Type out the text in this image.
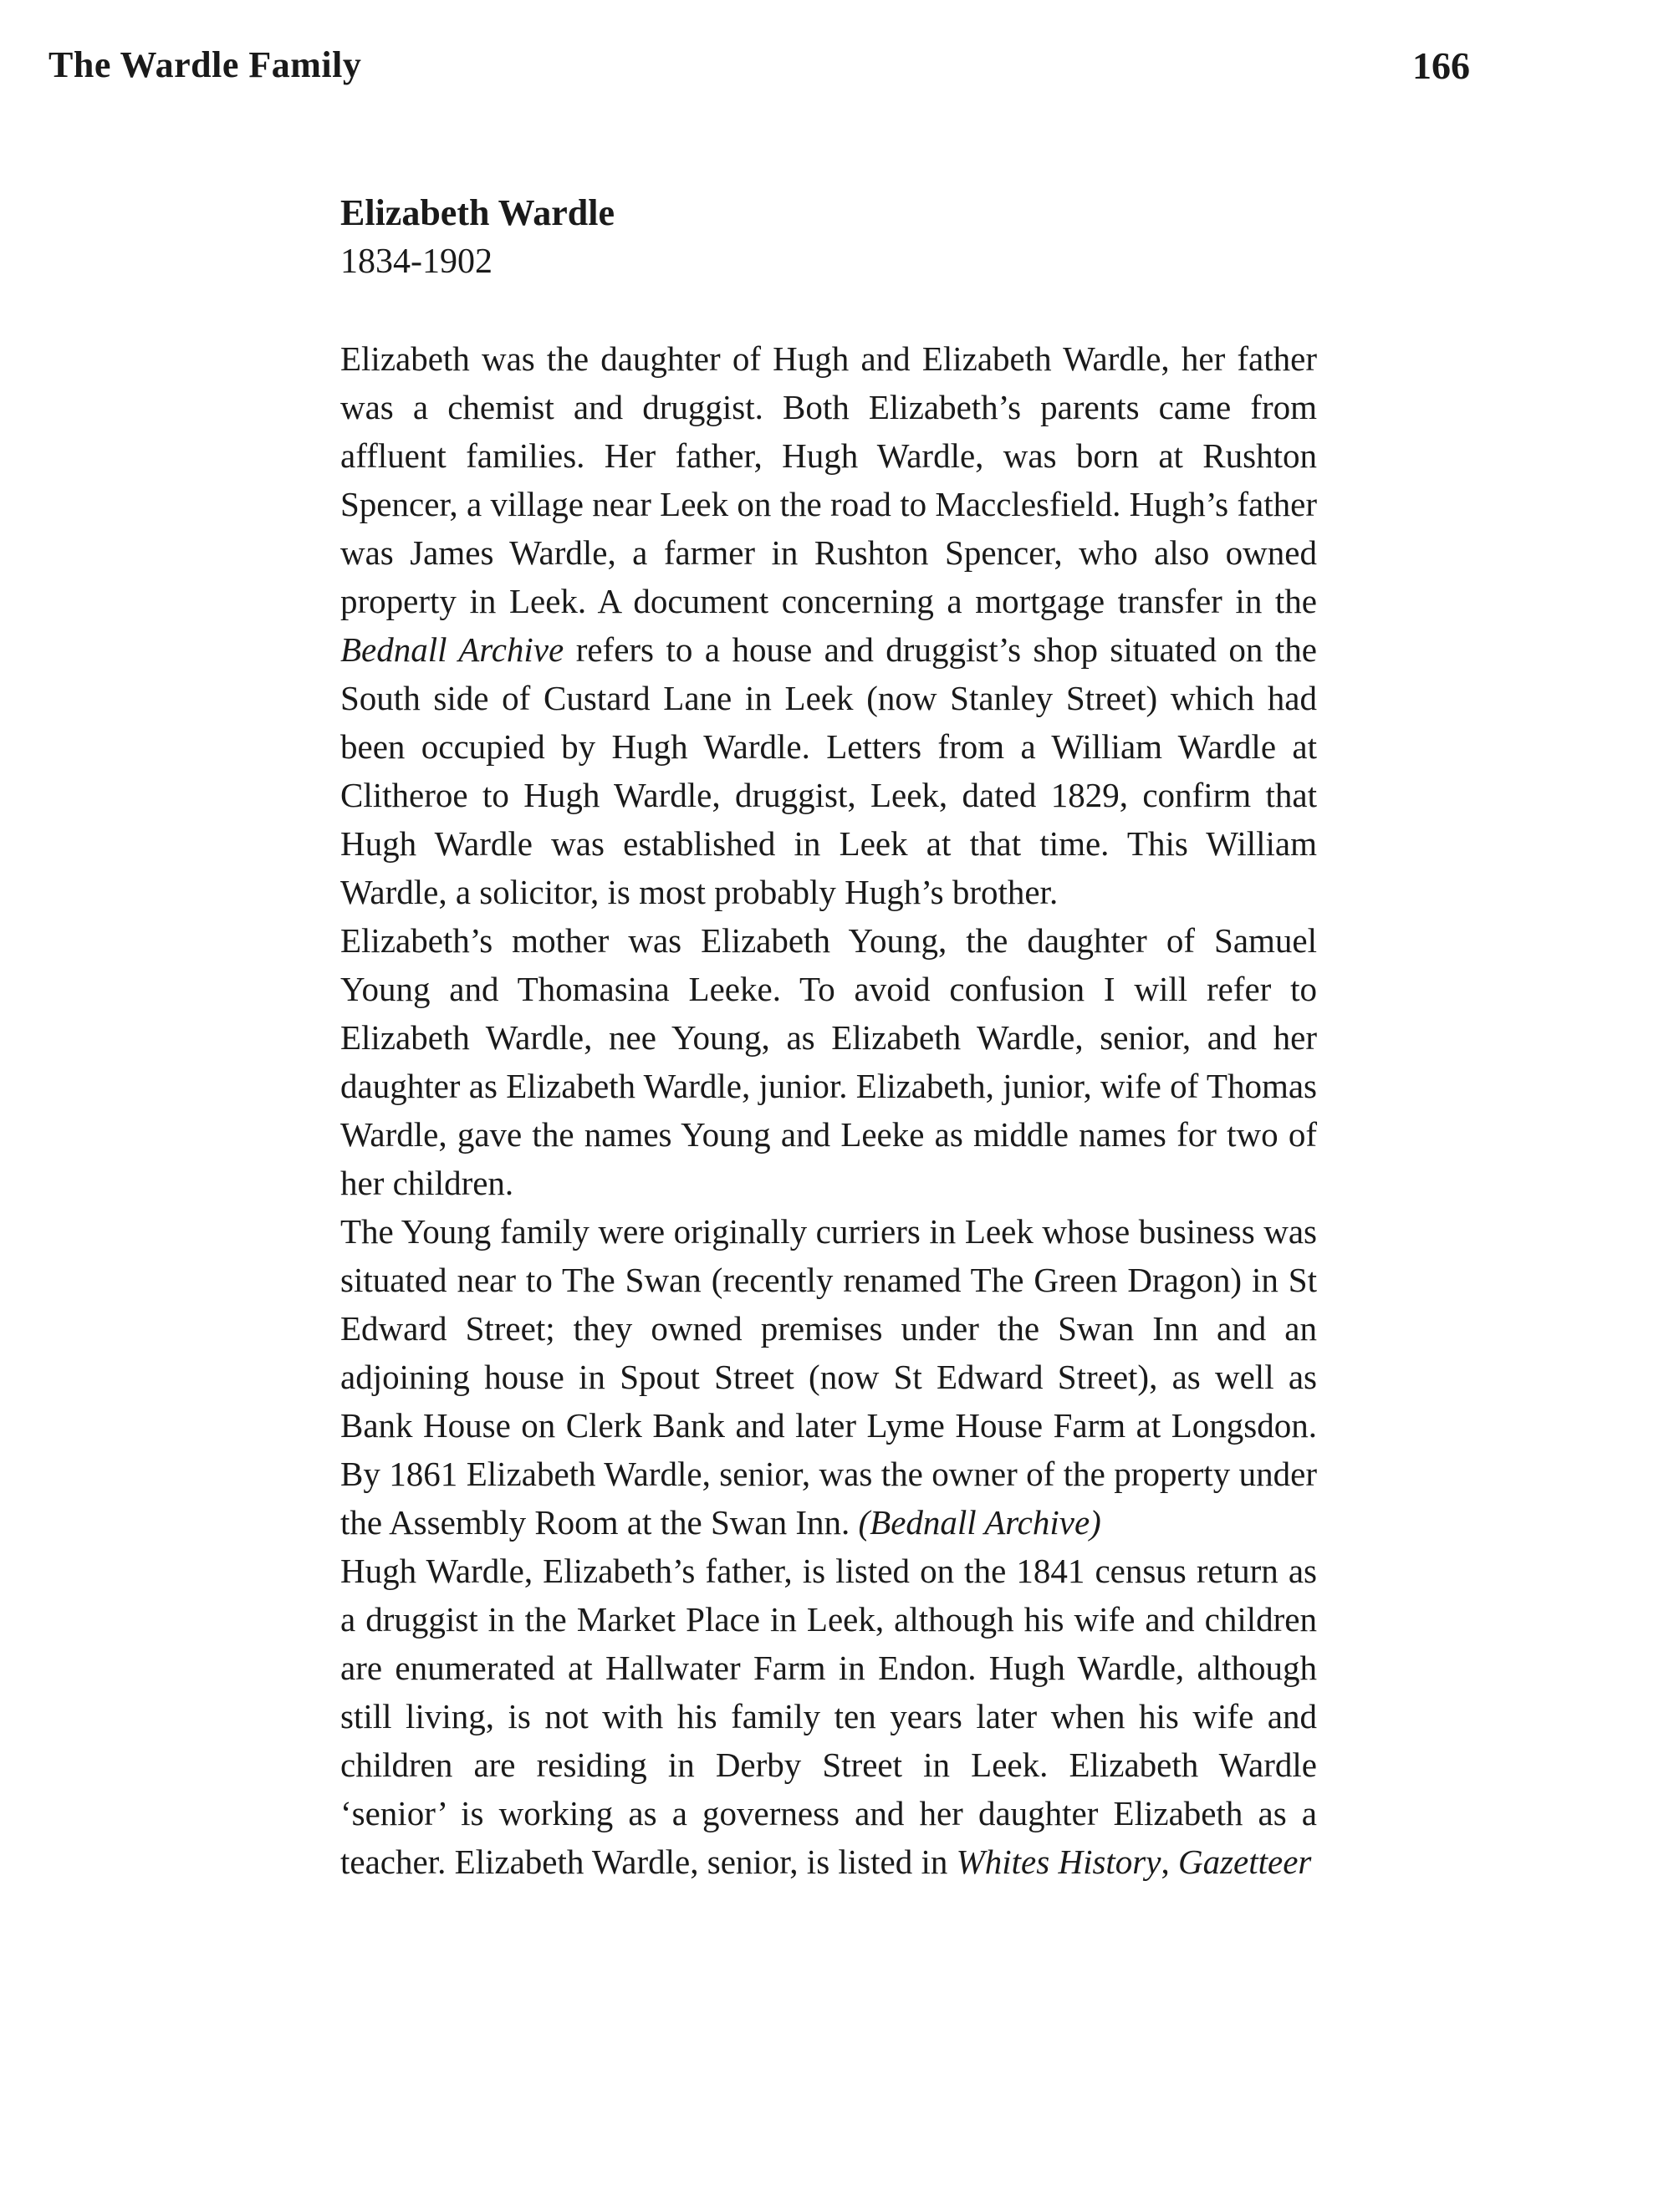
The Wardle Family	166
Elizabeth Wardle

1834-1902

Elizabeth was the daughter of Hugh and Elizabeth Wardle, her father was a chemist and druggist. Both Elizabeth’s parents came from affluent families. Her father, Hugh Wardle, was born at Rushton Spencer, a village near Leek on the road to Macclesfield. Hugh’s father was James Wardle, a farmer in Rushton Spencer, who also owned property in Leek. A document concerning a mortgage transfer in the Bednall Archive refers to a house and druggist’s shop situated on the South side of Custard Lane in Leek (now Stanley Street) which had been occupied by Hugh Wardle. Letters from a William Wardle at Clitheroe to Hugh Wardle, druggist, Leek, dated 1829, confirm that Hugh Wardle was established in Leek at that time. This William Wardle, a solicitor, is most probably Hugh’s brother.

Elizabeth’s mother was Elizabeth Young, the daughter of Samuel Young and Thomasina Leeke. To avoid confusion I will refer to Elizabeth Wardle, nee Young, as Elizabeth Wardle, senior, and her daughter as Elizabeth Wardle, junior. Elizabeth, junior, wife of Thomas Wardle, gave the names Young and Leeke as middle names for two of her children.

The Young family were originally curriers in Leek whose business was situated near to The Swan (recently renamed The Green Dragon) in St Edward Street; they owned premises under the Swan Inn and an adjoining house in Spout Street (now St Edward Street), as well as Bank House on Clerk Bank and later Lyme House Farm at Longsdon. By 1861 Elizabeth Wardle, senior, was the owner of the property under the Assembly Room at the Swan Inn. (Bednall Archive)

Hugh Wardle, Elizabeth’s father, is listed on the 1841 census return as a druggist in the Market Place in Leek, although his wife and children are enumerated at Hallwater Farm in Endon. Hugh Wardle, although still living, is not with his family ten years later when his wife and children are residing in Derby Street in Leek. Elizabeth Wardle ‘senior’ is working as a governess and her daughter Elizabeth as a teacher. Elizabeth Wardle, senior, is listed in Whites History, Gazetteer
